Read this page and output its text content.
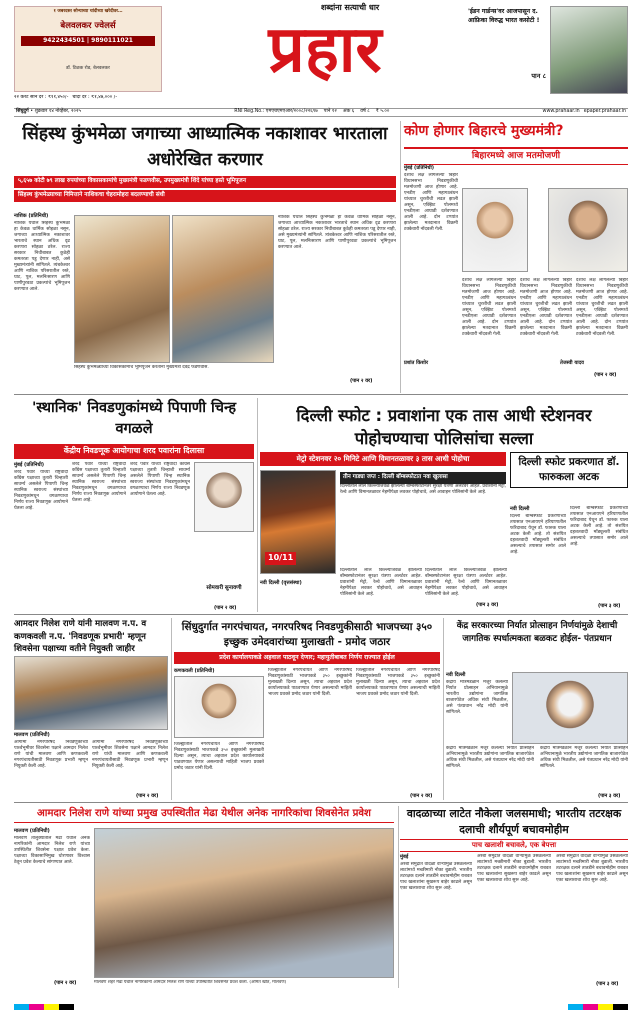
१ जबरदस्त सोन्याच्या चांदीच्या खरेदीवर…
बेलवलकर ज्वेलर्स
9422434501 | 9890111021
डॉ. टिळक रोड, बेलवलकर
२२ कॅरेट सोने दर : ₹११,४५०/- चांदी दर : ₹१,४७,००० /-
शब्दांना सत्याची धार
प्रहार
'ईडन गार्डन्स'वर आजपासून द. आफ्रिका विरुद्ध भारत कसोटी !
पान ८
सिंधुदुर्ग • शुक्रवार १४ नोव्हेंबर, २०२५	RNI Reg.No.: एमएचएमएआर/२००८/२२६९७ पाने १२ अंक ६ वर्ष ८ ₹ ५.००	www.prahaar.in epaper.prahaar.in
सिंहस्थ कुंभमेळा जगाच्या आध्यात्मिक नकाशावर भारताला अधोरेखित करणार
५,६५७ कोटी ७९ लाख रुपयांच्या विकासकामांचे मुख्यमंत्री फडणवीस, उपमुख्यमंत्री शिंदे यांच्या हस्ते भूमिपूजन
सिंहस्थ कुंभमेळ्याच्या निमित्ताने नाशिकचा चेहरामोहरा बदलण्याची संधी
नाशिक (प्रतिनिधी)
नाशिक येथील सिंहस्थ कुंभमेळा हा केवळ धार्मिक सोहळा नसून, जगाच्या आध्यात्मिक नकाशावर भारताचे स्थान अधिक दृढ करणारा सोहळा ठरेल. राज्य सरकार निधीबाबत कुठेही कमतरता पडू देणार नाही, असे मुख्यमंत्र्यांनी सांगितले. त्र्यंबकेश्वर आणि नाशिक परिसरातील रस्ते, घाट, पूल, मलनिःसारण आणि पाणीपुरवठा प्रकल्पांचे भूमिपूजन करण्यात आले.
सिंहस्थ कुंभमेळ्याच्या विकासकामांचे भूमिपूजन करताना मुख्यमंत्री देवेंद्र फडणवीस.
नाशिक येथील सिंहस्थ कुंभमेळा हा केवळ धार्मिक सोहळा नसून, जगाच्या आध्यात्मिक नकाशावर भारताचे स्थान अधिक दृढ करणारा सोहळा ठरेल. राज्य सरकार निधीबाबत कुठेही कमतरता पडू देणार नाही, असे मुख्यमंत्र्यांनी सांगितले. त्र्यंबकेश्वर आणि नाशिक परिसरातील रस्ते, घाट, पूल, मलनिःसारण आणि पाणीपुरवठा प्रकल्पांचे भूमिपूजन करण्यात आले.
(पान २ वर)
कोण होणार बिहारचे मुख्यमंत्री?
बिहारमध्ये आज मतमोजणी
मुंबई (प्रतिनिधी)
देशाचे लक्ष लागलेल्या बिहार विधानसभा निवडणुकीची मतमोजणी आज होणार आहे. एनडीए आणि महागठबंधन यांच्यात चुरशीची लढत झाली असून, एक्झिट पोलमध्ये एनडीएला आघाडी दर्शवण्यात आली आहे. दोन टप्प्यांत झालेल्या मतदानात विक्रमी टक्केवारी नोंदवली गेली.
देशाचे लक्ष लागलेल्या बिहार विधानसभा निवडणुकीची मतमोजणी आज होणार आहे. एनडीए आणि महागठबंधन यांच्यात चुरशीची लढत झाली असून, एक्झिट पोलमध्ये एनडीएला आघाडी दर्शवण्यात आली आहे. दोन टप्प्यांत झालेल्या मतदानात विक्रमी टक्केवारी नोंदवली गेली.
देशाचे लक्ष लागलेल्या बिहार विधानसभा निवडणुकीची मतमोजणी आज होणार आहे. एनडीए आणि महागठबंधन यांच्यात चुरशीची लढत झाली असून, एक्झिट पोलमध्ये एनडीएला आघाडी दर्शवण्यात आली आहे. दोन टप्प्यांत झालेल्या मतदानात विक्रमी टक्केवारी नोंदवली गेली.
देशाचे लक्ष लागलेल्या बिहार विधानसभा निवडणुकीची मतमोजणी आज होणार आहे. एनडीए आणि महागठबंधन यांच्यात चुरशीची लढत झाली असून, एक्झिट पोलमध्ये एनडीएला आघाडी दर्शवण्यात आली आहे. दोन टप्प्यांत झालेल्या मतदानात विक्रमी टक्केवारी नोंदवली गेली.
प्रशांत किशोर	तेजस्वी यादव
(पान २ वर)
'स्थानिक' निवडणुकांमध्ये पिपाणी चिन्ह वगळले
केंद्रीय निवडणूक आयोगाचा शरद पवारांना दिलासा
मुंबई (प्रतिनिधी)
शरद पवार यांच्या राष्ट्रवादी काँग्रेस पक्षाच्या तुतारी चिन्हाशी साधर्म्य असलेले पिपाणी चिन्ह स्थानिक स्वराज्य संस्थांच्या निवडणुकांमधून वगळण्याचा निर्णय राज्य निवडणूक आयोगाने घेतला आहे.
शरद पवार यांच्या राष्ट्रवादी काँग्रेस पक्षाच्या तुतारी चिन्हाशी साधर्म्य असलेले पिपाणी चिन्ह स्थानिक स्वराज्य संस्थांच्या निवडणुकांमधून वगळण्याचा निर्णय राज्य निवडणूक आयोगाने घेतला आहे.
शरद पवार यांच्या राष्ट्रवादी काँग्रेस पक्षाच्या तुतारी चिन्हाशी साधर्म्य असलेले पिपाणी चिन्ह स्थानिक स्वराज्य संस्थांच्या निवडणुकांमधून वगळण्याचा निर्णय राज्य निवडणूक आयोगाने घेतला आहे.
सोमवारी सुनावणी
(पान २ वर)
दिल्ली स्फोट : प्रवाशांना एक तास आधी स्टेशनवर पोहोचण्याचा पोलिसांचा सल्ला
मेट्रो स्टेशनवर २० मिनिटे आणि विमानतळावर ३ तास आधी पोहोचा
10/11
तीन गाड्या जप्त : दिल्ली बॉम्बस्फोटात नवा खुलासा
दिल्लीतील लाल किल्ल्याजवळ झालेल्या बॉम्बस्फोटानंतर सुरक्षा यंत्रणा अलर्टवर आहेत. प्रवाशांनी मेट्रो, रेल्वे आणि विमानतळावर नेहमीपेक्षा लवकर पोहोचावे, असे आवाहन पोलिसांनी केले आहे.
नवी दिल्ली (वृत्तसंस्था)
दिल्लीतील लाल किल्ल्याजवळ झालेल्या बॉम्बस्फोटानंतर सुरक्षा यंत्रणा अलर्टवर आहेत. प्रवाशांनी मेट्रो, रेल्वे आणि विमानतळावर नेहमीपेक्षा लवकर पोहोचावे, असे आवाहन पोलिसांनी केले आहे.
दिल्लीतील लाल किल्ल्याजवळ झालेल्या बॉम्बस्फोटानंतर सुरक्षा यंत्रणा अलर्टवर आहेत. प्रवाशांनी मेट्रो, रेल्वे आणि विमानतळावर नेहमीपेक्षा लवकर पोहोचावे, असे आवाहन पोलिसांनी केले आहे.
(पान ३ वर)
दिल्ली स्फोट प्रकरणात डॉ. फारुकला अटक
नवी दिल्ली
दिल्ली बॉम्बस्फोट प्रकरणाच्या तपासात एनआयएने हरियाणातील फरिदाबाद येथून डॉ. फारुक याला अटक केली आहे. तो संशयित दहशतवादी मॉड्यूलशी संबंधित असल्याचे तपासात समोर आले आहे.
दिल्ली बॉम्बस्फोट प्रकरणाच्या तपासात एनआयएने हरियाणातील फरिदाबाद येथून डॉ. फारुक याला अटक केली आहे. तो संशयित दहशतवादी मॉड्यूलशी संबंधित असल्याचे तपासात समोर आले आहे.
(पान ३ वर)
आमदार निलेश राणे यांनी मालवण न.प. व कणकवली न.प. 'निवडणूक प्रभारी' म्हणून शिवसेना पक्षाच्या वतीने नियुक्ती जाहीर
मालवण (प्रतिनिधी)
आगामी नगरपरिषद निवडणुकीच्या पार्श्वभूमीवर शिवसेना पक्षाने आमदार निलेश राणे यांची मालवण आणि कणकवली नगरपंचायतीसाठी निवडणूक प्रभारी म्हणून नियुक्ती केली आहे.
आगामी नगरपरिषद निवडणुकीच्या पार्श्वभूमीवर शिवसेना पक्षाने आमदार निलेश राणे यांची मालवण आणि कणकवली नगरपंचायतीसाठी निवडणूक प्रभारी म्हणून नियुक्ती केली आहे.
(पान २ वर)
सिंधुदुर्गात नगरपंचायत, नगरपरिषद निवडणुकीसाठी भाजपच्या ३५० इच्छुक उमेदवारांच्या मुलाखती - प्रमोद जठार
प्रदेश कार्यालयाकडे अहवाल पाठवून देणार; महायुतीबाबत निर्णय राज्यात होईल
कणकवली (प्रतिनिधी)
जिल्ह्यातील नगरपंचायत आणि नगरपरिषद निवडणुकांसाठी भाजपकडे ३५० इच्छुकांनी मुलाखती दिल्या असून, त्याचा अहवाल प्रदेश कार्यालयाकडे पाठवण्यात येणार असल्याची माहिती भाजप प्रवक्ते प्रमोद जठार यांनी दिली.
जिल्ह्यातील नगरपंचायत आणि नगरपरिषद निवडणुकांसाठी भाजपकडे ३५० इच्छुकांनी मुलाखती दिल्या असून, त्याचा अहवाल प्रदेश कार्यालयाकडे पाठवण्यात येणार असल्याची माहिती भाजप प्रवक्ते प्रमोद जठार यांनी दिली.
जिल्ह्यातील नगरपंचायत आणि नगरपरिषद निवडणुकांसाठी भाजपकडे ३५० इच्छुकांनी मुलाखती दिल्या असून, त्याचा अहवाल प्रदेश कार्यालयाकडे पाठवण्यात येणार असल्याची माहिती भाजप प्रवक्ते प्रमोद जठार यांनी दिली.
(पान २ वर)
केंद्र सरकारच्या निर्यात प्रोत्साहन निर्णयांमुळे देशाची जागतिक स्पर्धात्मकता बळकट होईल- पंतप्रधान
नवी दिल्ली
केंद्रीय मंत्रिमंडळाने मंजूर केलेल्या निर्यात प्रोत्साहन अभियानामुळे भारतीय उद्योगांना जागतिक बाजारपेठेत अधिक संधी मिळतील, असे पंतप्रधान नरेंद्र मोदी यांनी सांगितले.
केंद्रीय मंत्रिमंडळाने मंजूर केलेल्या निर्यात प्रोत्साहन अभियानामुळे भारतीय उद्योगांना जागतिक बाजारपेठेत अधिक संधी मिळतील, असे पंतप्रधान नरेंद्र मोदी यांनी सांगितले.
केंद्रीय मंत्रिमंडळाने मंजूर केलेल्या निर्यात प्रोत्साहन अभियानामुळे भारतीय उद्योगांना जागतिक बाजारपेठेत अधिक संधी मिळतील, असे पंतप्रधान नरेंद्र मोदी यांनी सांगितले.
(पान ३ वर)
आमदार निलेश राणे यांच्या प्रमुख उपस्थितीत मेढा येथील अनेक नागरिकांचा शिवसेनेत प्रवेश
मालवण (प्रतिनिधी)
मालवण तालुक्यातील मेढा येथील अनेक नागरिकांनी आमदार निलेश राणे यांच्या उपस्थितीत शिवसेना पक्षात प्रवेश केला. पक्षाच्या विकासाभिमुख धोरणावर विश्वास ठेवून प्रवेश केल्याचे सांगण्यात आले.
मालवण शहर मेढा येथील नागरिकांनी आमदार निलेश राणे यांच्या उपस्थितीत शिवसेनेत प्रवेश केला. (अमित खोत, मालवण)
(पान २ वर)
वादळाच्या लाटेत नौकेला जलसमाधी; भारतीय तटरक्षक दलाची शौर्यपूर्ण बचावमोहीम
पाच खलाशी बचावले, एक बेपत्ता
मुंबई
अरबी समुद्रात वादळी वाऱ्यामुळे उसळलेल्या लाटांमध्ये मच्छीमारी नौका बुडाली. भारतीय तटरक्षक दलाने तातडीने बचावमोहीम राबवत पाच खलाशांना सुखरूप बाहेर काढले असून एका खलाशाचा शोध सुरू आहे.
अरबी समुद्रात वादळी वाऱ्यामुळे उसळलेल्या लाटांमध्ये मच्छीमारी नौका बुडाली. भारतीय तटरक्षक दलाने तातडीने बचावमोहीम राबवत पाच खलाशांना सुखरूप बाहेर काढले असून एका खलाशाचा शोध सुरू आहे.
अरबी समुद्रात वादळी वाऱ्यामुळे उसळलेल्या लाटांमध्ये मच्छीमारी नौका बुडाली. भारतीय तटरक्षक दलाने तातडीने बचावमोहीम राबवत पाच खलाशांना सुखरूप बाहेर काढले असून एका खलाशाचा शोध सुरू आहे.
(पान ३ वर)
